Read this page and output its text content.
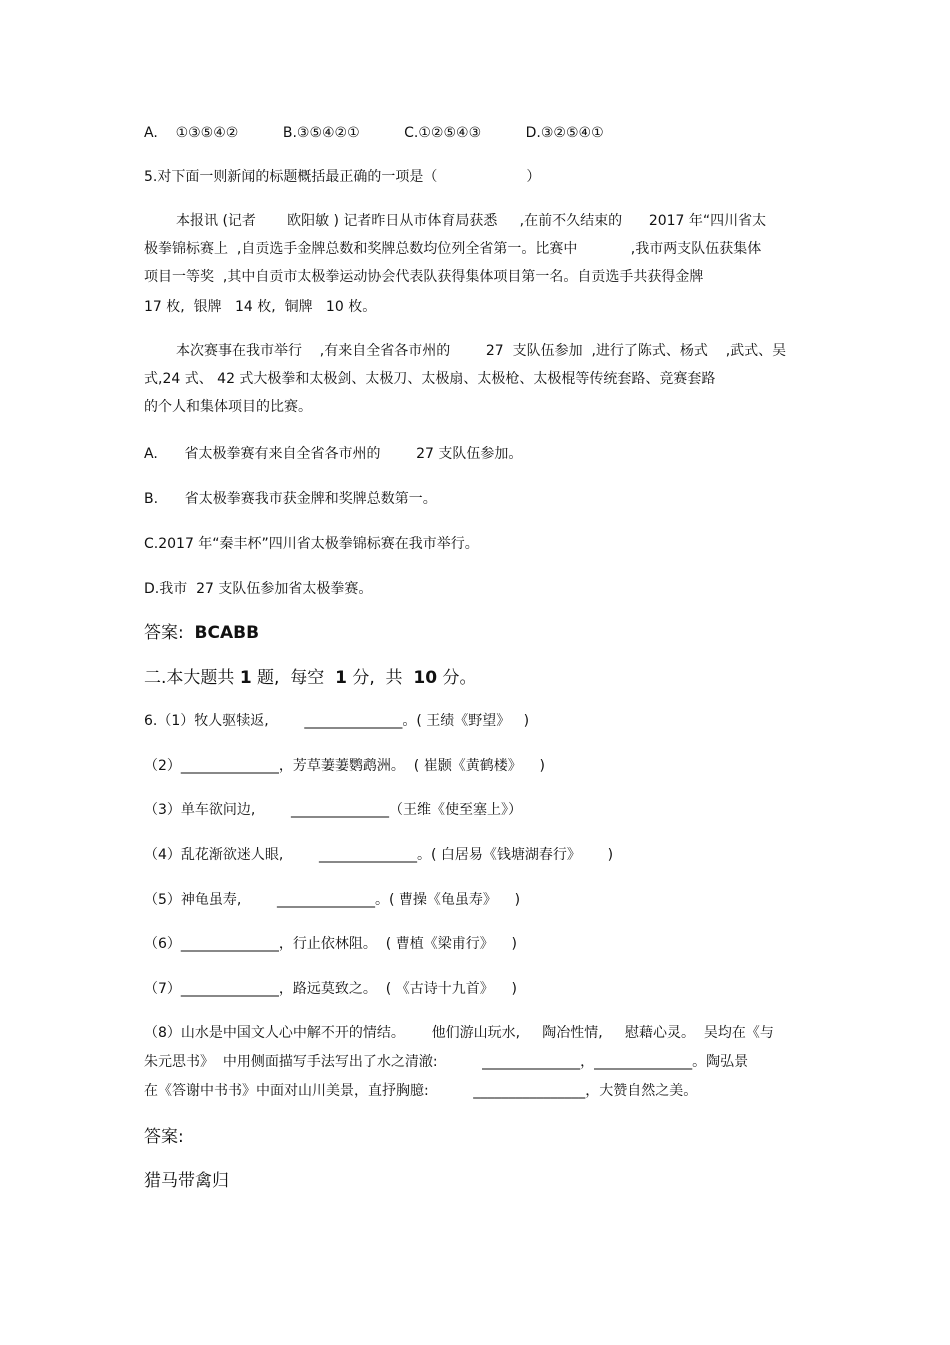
A.    ①③⑤④②          B.③⑤④②①          C.①②⑤④③          D.③②⑤④①
5.对下面一则新闻的标题概括最正确的一项是（                    ）
本报讯 (记者       欧阳敏 ) 记者昨日从市体育局获悉     ,在前不久结束的      2017 年“四川省太
极拳锦标赛上  ,自贡选手金牌总数和奖牌总数均位列全省第一。比赛中            ,我市两支队伍获集体
项目一等奖  ,其中自贡市太极拳运动协会代表队获得集体项目第一名。自贡选手共获得金牌
17 枚,  银牌   14 枚,  铜牌   10 枚。
本次赛事在我市举行    ,有来自全省各市州的        27  支队伍参加  ,进行了陈式、杨式    ,武式、吴
式,24 式、 42 式大极拳和太极剑、太极刀、太极扇、太极枪、太极棍等传统套路、竞赛套路
的个人和集体项目的比赛。
A.      省太极拳赛有来自全省各市州的        27 支队伍参加。
B.      省太极拳赛我市获金牌和奖牌总数第一。
C.2017 年“秦丰杯”四川省太极拳锦标赛在我市举行。
D.我市  27 支队伍参加省太极拳赛。
答案:  BCABB
二.本大题共 1 题,  每空  1 分,  共  10 分。
6.（1）牧人驱犊返,        ______________。( 王绩《野望》   )
（2）______________，芳草萋萋鹦鹉洲。  ( 崔颢《黄鹤楼》    )
（3）单车欲问边,        ______________（王维《使至塞上》）
（4）乱花渐欲迷人眼,        ______________。( 白居易《钱塘湖春行》      )
（5）神龟虽寿,        ______________。( 曹操《龟虽寿》    )
（6）______________，行止依林阻。  ( 曹植《梁甫行》    )
（7）______________，路远莫致之。  ( 《古诗十九首》    )
（8）山水是中国文人心中解不开的情结。      他们游山玩水,     陶冶性情,     慰藉心灵。  吴均在《与
朱元思书》  中用侧面描写手法写出了水之清澈:          ______________，______________。陶弘景
在《答谢中书书》中面对山川美景，直抒胸臆:          ________________，大赞自然之美。
答案:
猎马带禽归
